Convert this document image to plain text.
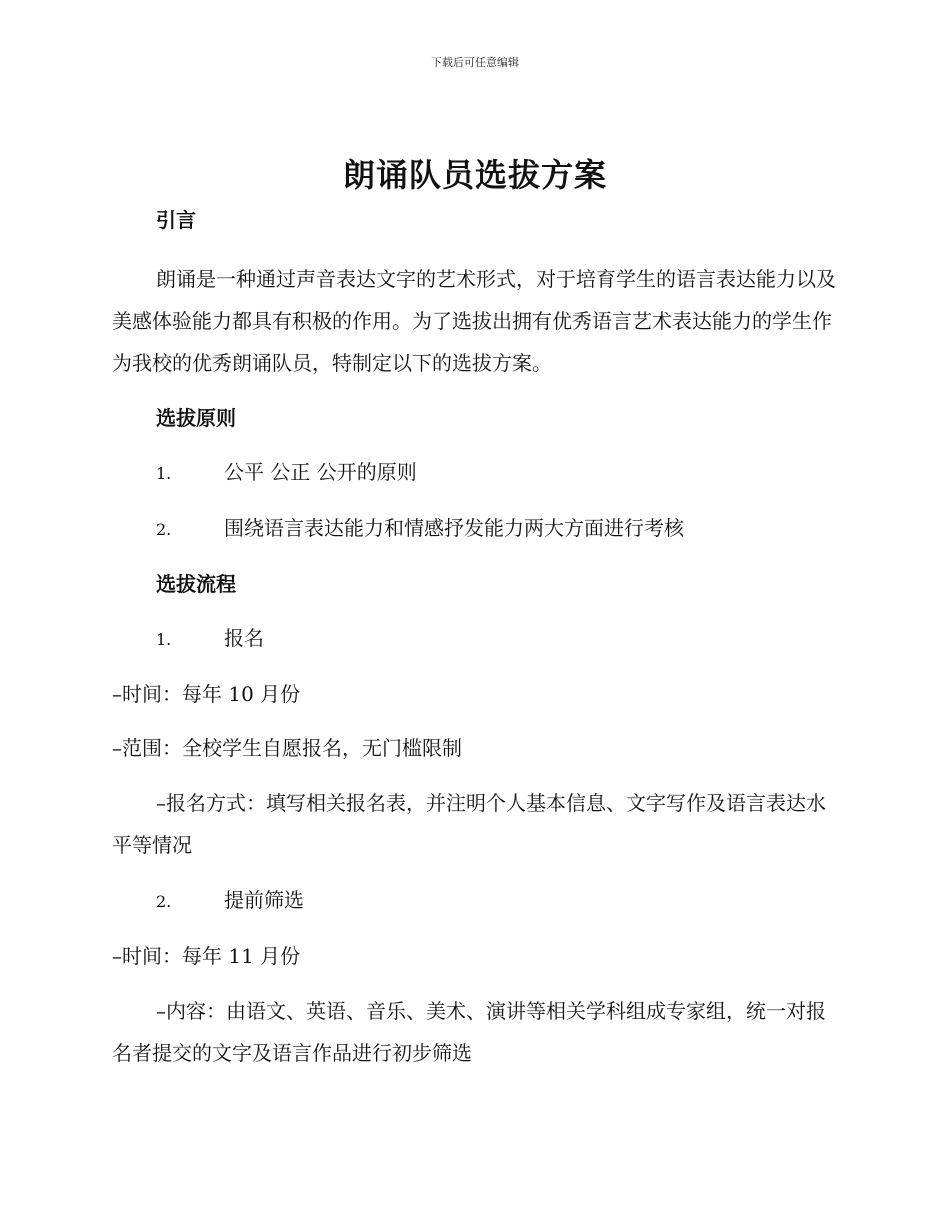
下载后可任意编辑
朗诵队员选拔方案
引言

朗诵是一种通过声音表达文字的艺术形式，对于培育学生的语言表达能力以及美感体验能力都具有积极的作用。为了选拔出拥有优秀语言艺术表达能力的学生作为我校的优秀朗诵队员，特制定以下的选拔方案。

选拔原则
1.	公平 公正 公开的原则
2.	围绕语言表达能力和情感抒发能力两大方面进行考核
选拔流程
1.	报名
–时间：每年 10 月份
–范围：全校学生自愿报名，无门槛限制

–报名方式：填写相关报名表，并注明个人基本信息、文字写作及语言表达水平等情况

2.	提前筛选
–时间：每年 11 月份

–内容：由语文、英语、音乐、美术、演讲等相关学科组成专家组，统一对报名者提交的文字及语言作品进行初步筛选
